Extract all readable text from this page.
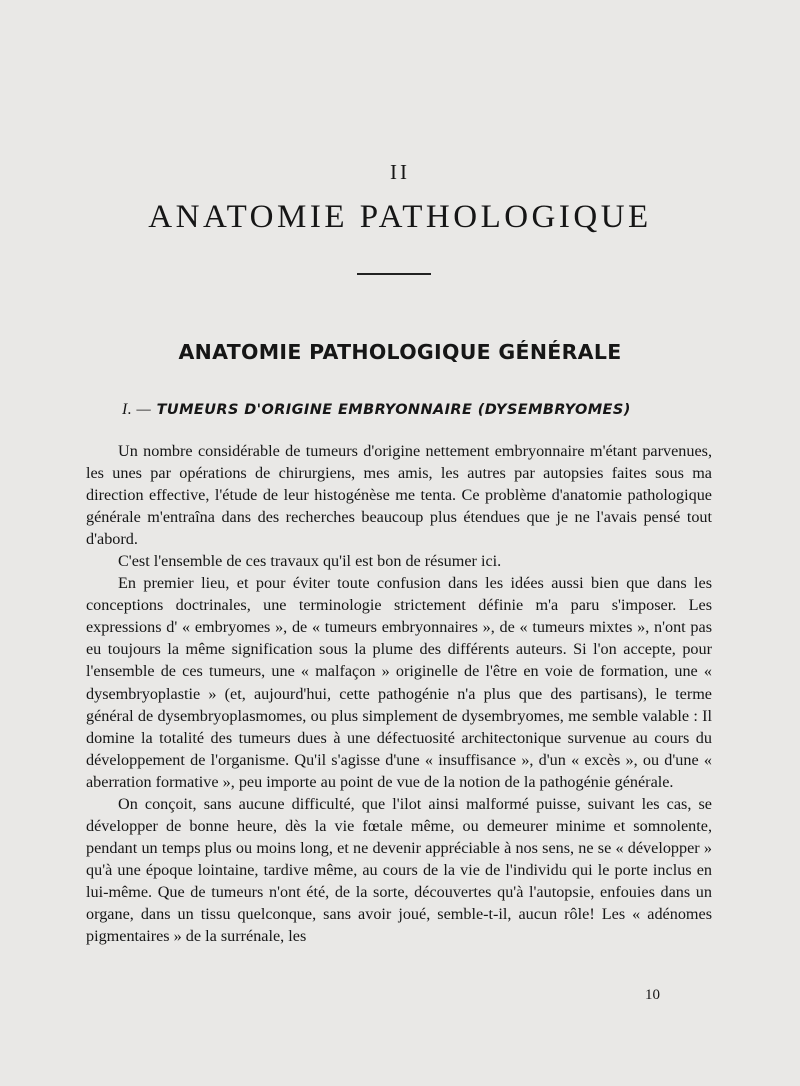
II
ANATOMIE PATHOLOGIQUE
ANATOMIE PATHOLOGIQUE GÉNÉRALE
I. — TUMEURS D'ORIGINE EMBRYONNAIRE (DYSEMBRYOMES)

Un nombre considérable de tumeurs d'origine nettement embryonnaire m'étant parvenues, les unes par opérations de chirurgiens, mes amis, les autres par autopsies faites sous ma direction effective, l'étude de leur histogénèse me tenta. Ce problème d'anatomie pathologique générale m'entraîna dans des recherches beaucoup plus étendues que je ne l'avais pensé tout d'abord.

C'est l'ensemble de ces travaux qu'il est bon de résumer ici.

En premier lieu, et pour éviter toute confusion dans les idées aussi bien que dans les conceptions doctrinales, une terminologie strictement définie m'a paru s'imposer. Les expressions d' « embryomes », de « tumeurs embryonnaires », de « tumeurs mixtes », n'ont pas eu toujours la même signification sous la plume des différents auteurs. Si l'on accepte, pour l'ensemble de ces tumeurs, une « malfaçon » originelle de l'être en voie de formation, une « dysembryoplastie » (et, aujourd'hui, cette pathogénie n'a plus que des partisans), le terme général de dysembryoplasmomes, ou plus simplement de dysembryomes, me semble valable : Il domine la totalité des tumeurs dues à une défectuosité architectonique survenue au cours du développement de l'organisme. Qu'il s'agisse d'une « insuffisance », d'un « excès », ou d'une « aberration formative », peu importe au point de vue de la notion de la pathogénie générale.

On conçoit, sans aucune difficulté, que l'ilot ainsi malformé puisse, suivant les cas, se développer de bonne heure, dès la vie fœtale même, ou demeurer minime et somnolente, pendant un temps plus ou moins long, et ne devenir appréciable à nos sens, ne se « développer » qu'à une époque lointaine, tardive même, au cours de la vie de l'individu qui le porte inclus en lui-même. Que de tumeurs n'ont été, de la sorte, découvertes qu'à l'autopsie, enfouies dans un organe, dans un tissu quelconque, sans avoir joué, semble-t-il, aucun rôle! Les « adénomes pigmentaires » de la surrénale, les

10
